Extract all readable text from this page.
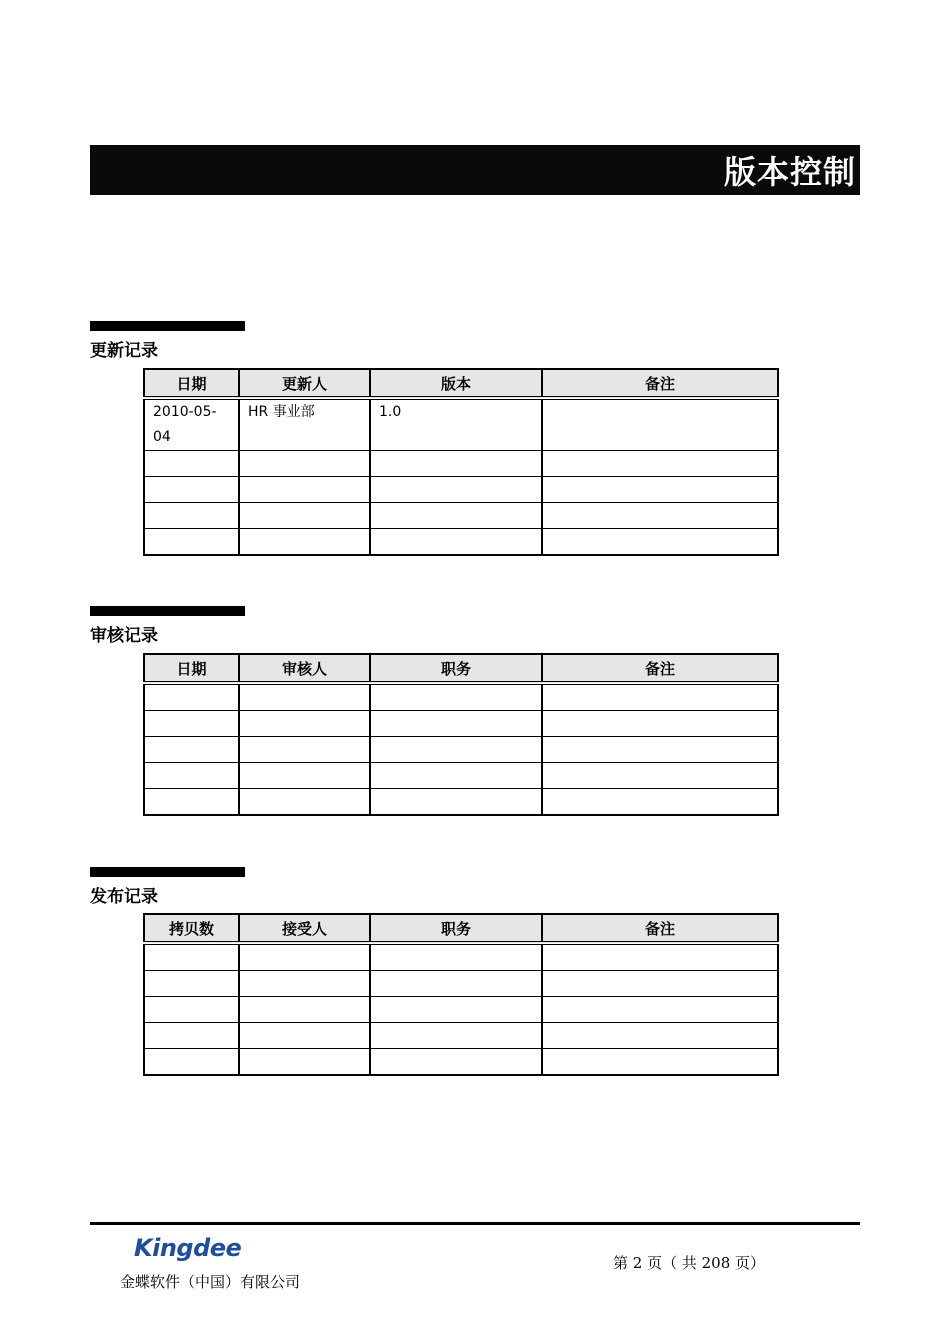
版本控制
更新记录
日期	更新人	版本	备注
2010-05-
04	HR 事业部	1.0	

审核记录
日期	审核人	职务	备注

发布记录
拷贝数	接受人	职务	备注

Kingdee
金蝶软件（中国）有限公司
第 2 页（ 共 208 页）
